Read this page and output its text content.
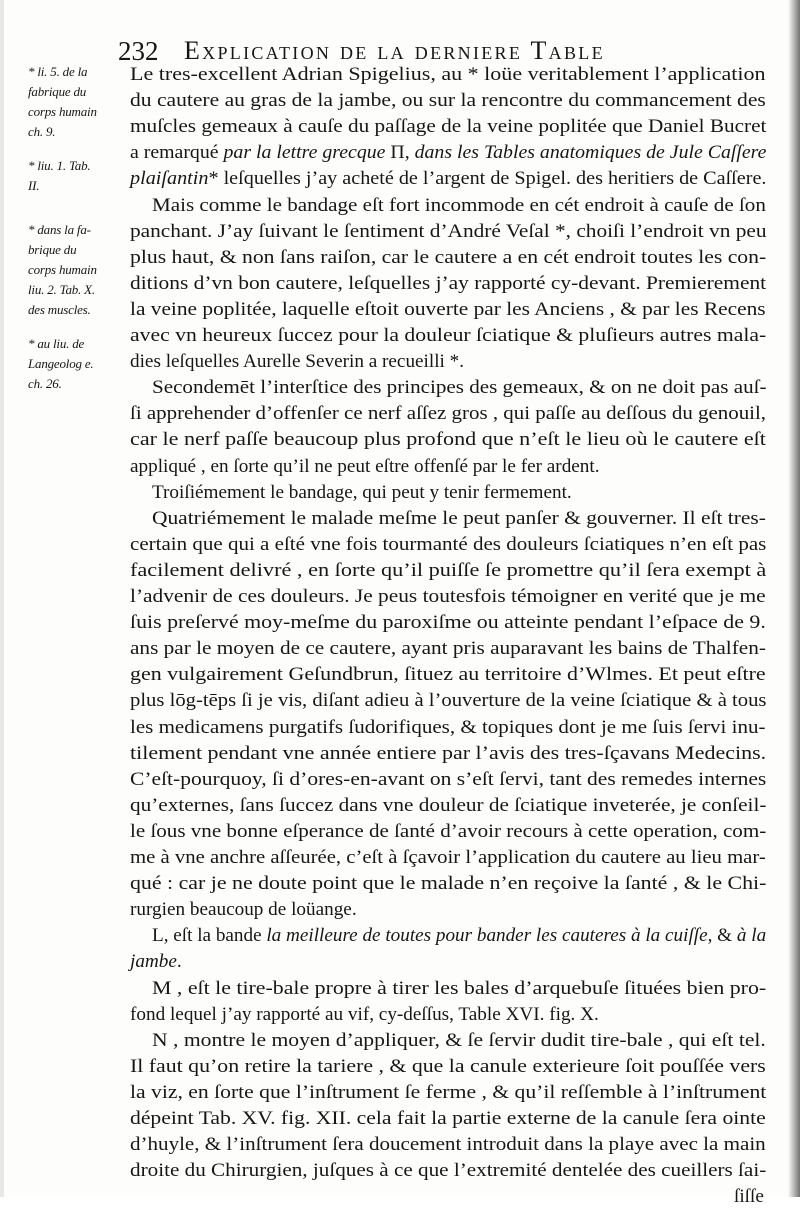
232 Explication de la derniere Table
* li. 5. de la
fabrique du
corps humain
ch. 9.
* liu. 1. Tab.
II.
* dans la fa-
brique du
corps humain
liu. 2. Tab. X.
des muscles.
* au liu. de
Langeolog e.
ch. 26.
Le tres-excellent Adrian Spigelius, au * loüe veritablement l’application
du cautere au gras de la jambe, ou sur la rencontre du commancement des
muſcles gemeaux à cauſe du paſſage de la veine poplitée que Daniel Bucret
a remarqué par la lettre grecque Π, dans les Tables anatomiques de Jule Caſſere
plaiſantin* leſquelles j’ay acheté de l’argent de Spigel. des heritiers de Caſſere.
Mais comme le bandage eſt fort incommode en cét endroit à cauſe de ſon
panchant. J’ay ſuivant le ſentiment d’André Veſal *, choiſi l’endroit vn peu
plus haut, & non ſans raiſon, car le cautere a en cét endroit toutes les con-
ditions d’vn bon cautere, leſquelles j’ay rapporté cy-devant. Premierement
la veine poplitée, laquelle eſtoit ouverte par les Anciens , & par les Recens
avec vn heureux ſuccez pour la douleur ſciatique & pluſieurs autres mala-
dies leſquelles Aurelle Severin a recueilli *.
Secondemēt l’interſtice des principes des gemeaux, & on ne doit pas auſ-
ſi apprehender d’offenſer ce nerf aſſez gros , qui paſſe au deſſous du genouil,
car le nerf paſſe beaucoup plus profond que n’eſt le lieu où le cautere eſt
appliqué , en ſorte qu’il ne peut eſtre offenſé par le fer ardent.
Troiſiémement le bandage, qui peut y tenir fermement.
Quatriémement le malade meſme le peut panſer & gouverner. Il eſt tres-
certain que qui a eſté vne fois tourmanté des douleurs ſciatiques n’en eſt pas
facilement delivré , en ſorte qu’il puiſſe ſe promettre qu’il ſera exempt à
l’advenir de ces douleurs. Je peus toutesfois témoigner en verité que je me
ſuis preſervé moy-meſme du paroxiſme ou atteinte pendant l’eſpace de 9.
ans par le moyen de ce cautere, ayant pris auparavant les bains de Thalfen-
gen vulgairement Geſundbrun, ſituez au territoire d’Wlmes. Et peut eſtre
plus lōg-tēps ſi je vis, diſant adieu à l’ouverture de la veine ſciatique & à tous
les medicamens purgatifs ſudorifiques, & topiques dont je me ſuis ſervi inu-
tilement pendant vne année entiere par l’avis des tres-ſçavans Medecins.
C’eſt-pourquoy, ſi d’ores-en-avant on s’eſt ſervi, tant des remedes internes
qu’externes, ſans ſuccez dans vne douleur de ſciatique inveterée, je conſeil-
le ſous vne bonne eſperance de ſanté d’avoir recours à cette operation, com-
me à vne anchre aſſeurée, c’eſt à ſçavoir l’application du cautere au lieu mar-
qué : car je ne doute point que le malade n’en reçoive la ſanté , & le Chi-
rurgien beaucoup de loüange.
L, eſt la bande la meilleure de toutes pour bander les cauteres à la cuiſſe, & à la
jambe.
M , eſt le tire-bale propre à tirer les bales d’arquebuſe ſituées bien pro-
fond lequel j’ay rapporté au vif, cy-deſſus, Table XVI. fig. X.
N , montre le moyen d’appliquer, & ſe ſervir dudit tire-bale , qui eſt tel.
Il faut qu’on retire la tariere , & que la canule exterieure ſoit pouſſée vers
la viz, en ſorte que l’inſtrument ſe ferme , & qu’il reſſemble à l’inſtrument
dépeint Tab. XV. fig. XII. cela fait la partie externe de la canule ſera ointe
d’huyle, & l’inſtrument ſera doucement introduit dans la playe avec la main
droite du Chirurgien, juſques à ce que l’extremité dentelée des cueillers ſai-
ſiſſe
